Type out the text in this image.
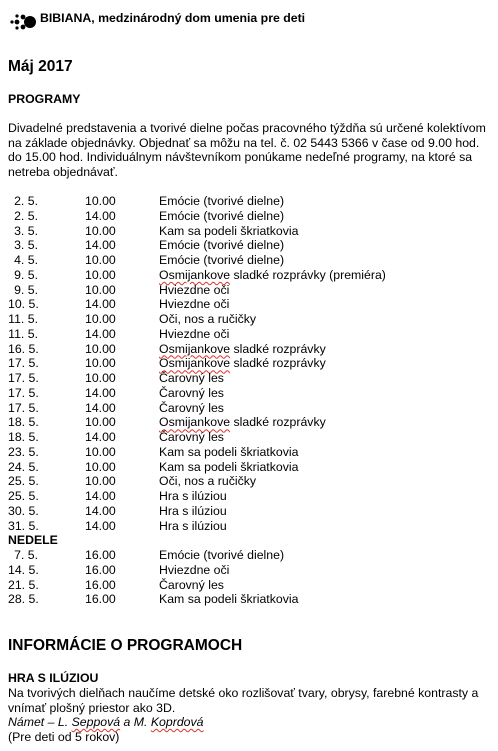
BIBIANA, medzinárodný dom umenia pre deti
Máj 2017
PROGRAMY
Divadelné predstavenia a tvorivé dielne počas pracovného týždňa sú určené kolektívom na základe objednávky. Objednať sa môžu na tel. č. 02 5443 5366 v čase od 9.00 hod. do 15.00 hod. Individuálnym návštevníkom ponúkame nedeľné programy, na ktoré sa netreba objednávať.
2. 5.	10.00	Emócie (tvorivé dielne)
2. 5.	14.00	Emócie (tvorivé dielne)
3. 5.	10.00	Kam sa podeli škriatkovia
3. 5.	14.00	Emócie (tvorivé dielne)
4. 5.	10.00	Emócie (tvorivé dielne)
9. 5.	10.00	Osmijankove sladké rozprávky (premiéra)
9. 5.	10.00	Hviezdne oči
10. 5.	14.00	Hviezdne oči
11. 5.	10.00	Oči, nos a ručičky
11. 5.	14.00	Hviezdne oči
16. 5.	10.00	Osmijankove sladké rozprávky
17. 5.	10.00	Osmijankove sladké rozprávky
17. 5.	10.00	Čarovný les
17. 5.	14.00	Čarovný les
17. 5.	14.00	Čarovný les
18. 5.	10.00	Osmijankove sladké rozprávky
18. 5.	14.00	Čarovný les
23. 5.	10.00	Kam sa podeli škriatkovia
24. 5.	10.00	Kam sa podeli škriatkovia
25. 5.	10.00	Oči, nos a ručičky
25. 5.	14.00	Hra s ilúziou
30. 5.	14.00	Hra s ilúziou
31. 5.	14.00	Hra s ilúziou
NEDELE
7. 5.	16.00	Emócie (tvorivé dielne)
14. 5.	16.00	Hviezdne oči
21. 5.	16.00	Čarovný les
28. 5.	16.00	Kam sa podeli škriatkovia
INFORMÁCIE O PROGRAMOCH
HRA S ILÚZIOU
Na tvorivých dielňach naučíme detské oko rozlišovať tvary, obrysy, farebné kontrasty a vnímať plošný priestor ako 3D.
Námet – L. Seppová a M. Koprdová
(Pre deti od 5 rokov)
